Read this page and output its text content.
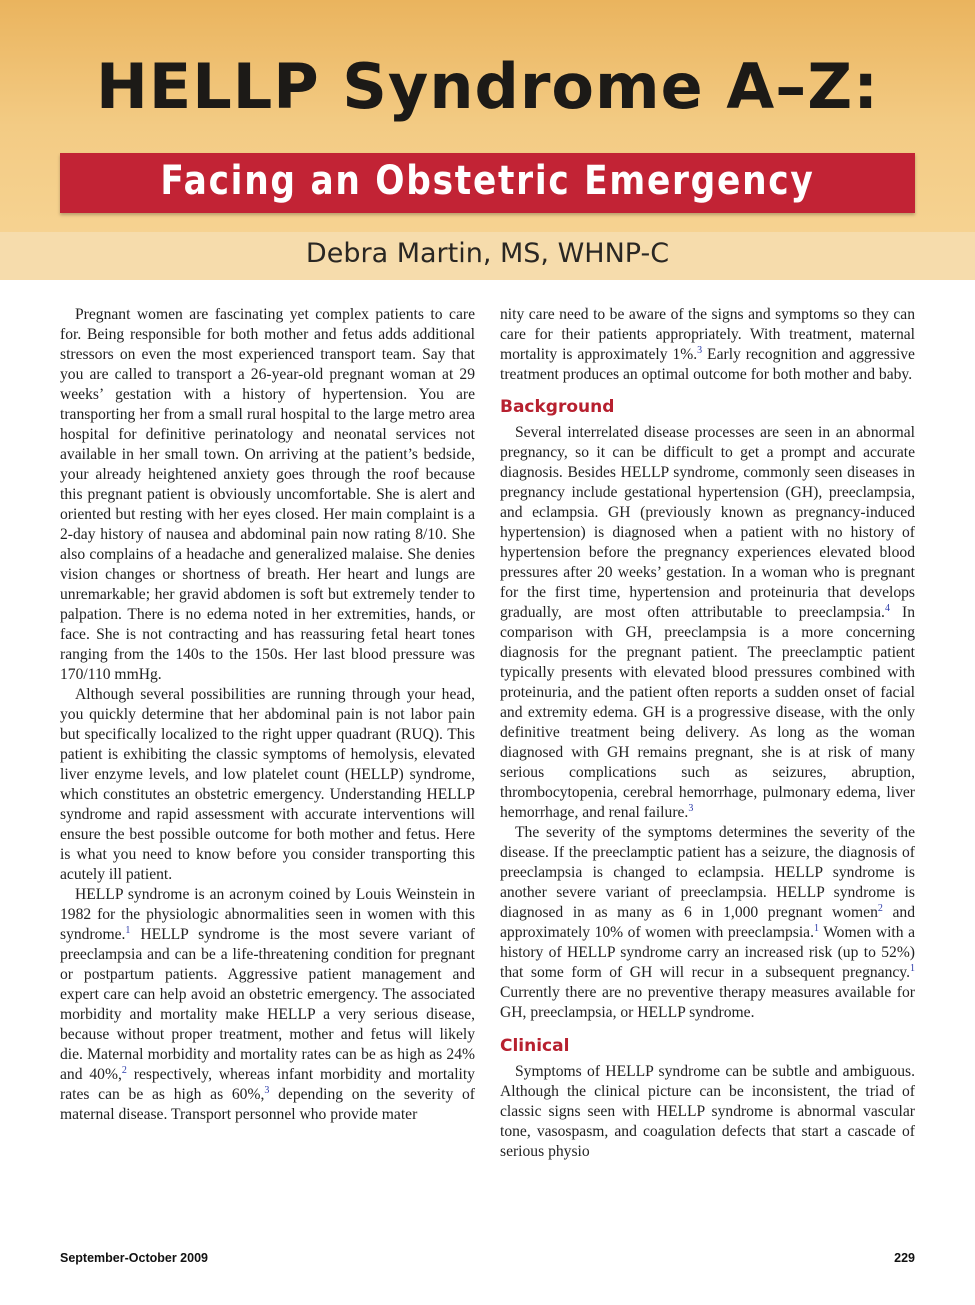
HELLP Syndrome A–Z:
Facing an Obstetric Emergency
Debra Martin, MS, WHNP-C

Pregnant women are fascinating yet complex patients to care for. Being responsible for both mother and fetus adds additional stressors on even the most experienced transport team. Say that you are called to transport a 26-year-old pregnant woman at 29 weeks’ gestation with a history of hypertension. You are transporting her from a small rural hospital to the large metro area hospital for definitive perinatology and neonatal services not available in her small town. On arriving at the patient’s bedside, your already heightened anxiety goes through the roof because this pregnant patient is obviously uncomfortable. She is alert and oriented but resting with her eyes closed. Her main complaint is a 2-day history of nausea and abdominal pain now rating 8/10. She also complains of a headache and generalized malaise. She denies vision changes or shortness of breath. Her heart and lungs are unremarkable; her gravid abdomen is soft but extremely tender to palpation. There is no edema noted in her extremities, hands, or face. She is not contracting and has reassuring fetal heart tones ranging from the 140s to the 150s. Her last blood pressure was 170/110 mmHg.

Although several possibilities are running through your head, you quickly determine that her abdominal pain is not labor pain but specifically localized to the right upper quadrant (RUQ). This patient is exhibiting the classic symptoms of hemolysis, elevated liver enzyme levels, and low platelet count (HELLP) syndrome, which constitutes an obstetric emergency. Understanding HELLP syndrome and rapid assessment with accurate interventions will ensure the best possible outcome for both mother and fetus. Here is what you need to know before you consider transporting this acutely ill patient.

HELLP syndrome is an acronym coined by Louis Weinstein in 1982 for the physiologic abnormalities seen in women with this syndrome.$^1$ HELLP syndrome is the most severe variant of preeclampsia and can be a life-threatening condition for pregnant or postpartum patients. Aggressive patient management and expert care can help avoid an obstetric emergency. The associated morbidity and mortality make HELLP a very serious disease, because without proper treatment, mother and fetus will likely die. Maternal morbidity and mortality rates can be as high as 24% and 40%,$^2$ respectively, whereas infant morbidity and mortality rates can be as high as 60%,$^3$ depending on the severity of maternal disease. Transport personnel who provide mater

nity care need to be aware of the signs and symptoms so they can care for their patients appropriately. With treatment, maternal mortality is approximately 1%.$^3$ Early recognition and aggressive treatment produces an optimal outcome for both mother and baby.

Background

Several interrelated disease processes are seen in an abnormal pregnancy, so it can be difficult to get a prompt and accurate diagnosis. Besides HELLP syndrome, commonly seen diseases in pregnancy include gestational hypertension (GH), preeclampsia, and eclampsia. GH (previously known as pregnancy-induced hypertension) is diagnosed when a patient with no history of hypertension before the pregnancy experiences elevated blood pressures after 20 weeks’ gestation. In a woman who is pregnant for the first time, hypertension and proteinuria that develops gradually, are most often attributable to preeclampsia.$^4$ In comparison with GH, preeclampsia is a more concerning diagnosis for the pregnant patient. The preeclamptic patient typically presents with elevated blood pressures combined with proteinuria, and the patient often reports a sudden onset of facial and extremity edema. GH is a progressive disease, with the only definitive treatment being delivery. As long as the woman diagnosed with GH remains pregnant, she is at risk of many serious complications such as seizures, abruption, thrombocytopenia, cerebral hemorrhage, pulmonary edema, liver hemorrhage, and renal failure.$^3$

The severity of the symptoms determines the severity of the disease. If the preeclamptic patient has a seizure, the diagnosis of preeclampsia is changed to eclampsia. HELLP syndrome is another severe variant of preeclampsia. HELLP syndrome is diagnosed in as many as 6 in 1,000 pregnant women$^2$ and approximately 10% of women with preeclampsia.$^1$ Women with a history of HELLP syndrome carry an increased risk (up to 52%) that some form of GH will recur in a subsequent pregnancy.$^1$ Currently there are no preventive therapy measures available for GH, preeclampsia, or HELLP syndrome.

Clinical

Symptoms of HELLP syndrome can be subtle and ambiguous. Although the clinical picture can be inconsistent, the triad of classic signs seen with HELLP syndrome is abnormal vascular tone, vasospasm, and coagulation defects that start a cascade of serious physio

September-October 2009	229
